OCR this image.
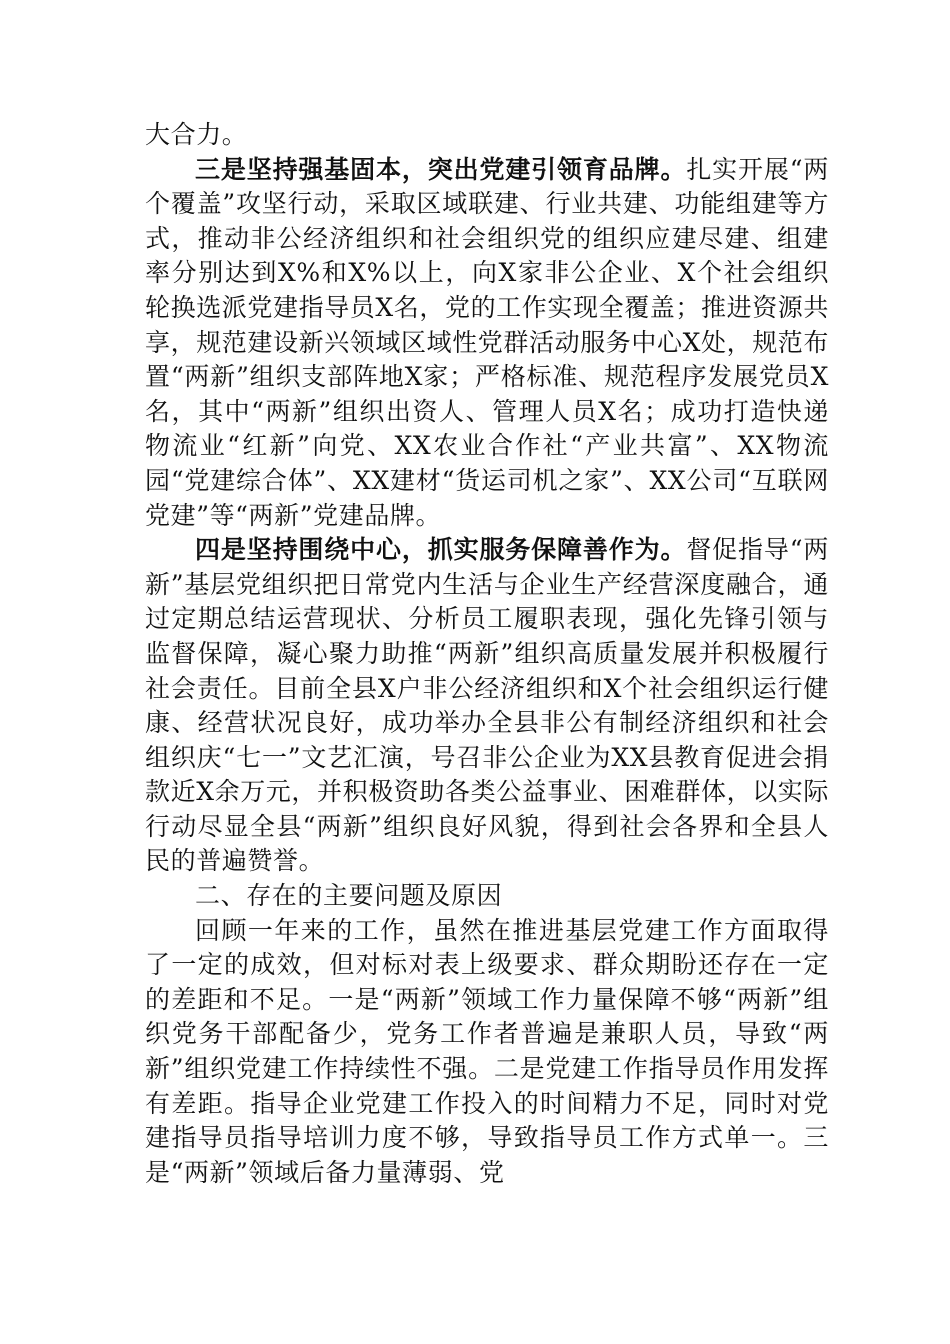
大合力。

三是坚持强基固本，突出党建引领育品牌。扎实开展“两个覆盖”攻坚行动，采取区域联建、行业共建、功能组建等方式，推动非公经济组织和社会组织党的组织应建尽建、组建率分别达到X%和X%以上，向X家非公企业、X个社会组织轮换选派党建指导员X名，党的工作实现全覆盖；推进资源共享，规范建设新兴领域区域性党群活动服务中心X处，规范布置“两新”组织支部阵地X家；严格标准、规范程序发展党员X名，其中“两新”组织出资人、管理人员X名；成功打造快递物流业“红新”向党、XX农业合作社“产业共富”、XX物流园“党建综合体”、XX建材“货运司机之家”、XX公司“互联网党建”等“两新”党建品牌。

四是坚持围绕中心，抓实服务保障善作为。督促指导“两新”基层党组织把日常党内生活与企业生产经营深度融合，通过定期总结运营现状、分析员工履职表现，强化先锋引领与监督保障，凝心聚力助推“两新”组织高质量发展并积极履行社会责任。目前全县X户非公经济组织和X个社会组织运行健康、经营状况良好，成功举办全县非公有制经济组织和社会组织庆“七一”文艺汇演，号召非公企业为XX县教育促进会捐款近X余万元，并积极资助各类公益事业、困难群体，以实际行动尽显全县“两新”组织良好风貌，得到社会各界和全县人民的普遍赞誉。

二、存在的主要问题及原因

回顾一年来的工作，虽然在推进基层党建工作方面取得了一定的成效，但对标对表上级要求、群众期盼还存在一定的差距和不足。一是“两新”领域工作力量保障不够“两新”组织党务干部配备少，党务工作者普遍是兼职人员，导致“两新”组织党建工作持续性不强。二是党建工作指导员作用发挥有差距。指导企业党建工作投入的时间精力不足，同时对党建指导员指导培训力度不够，导致指导员工作方式单一。三是“两新”领域后备力量薄弱、党
